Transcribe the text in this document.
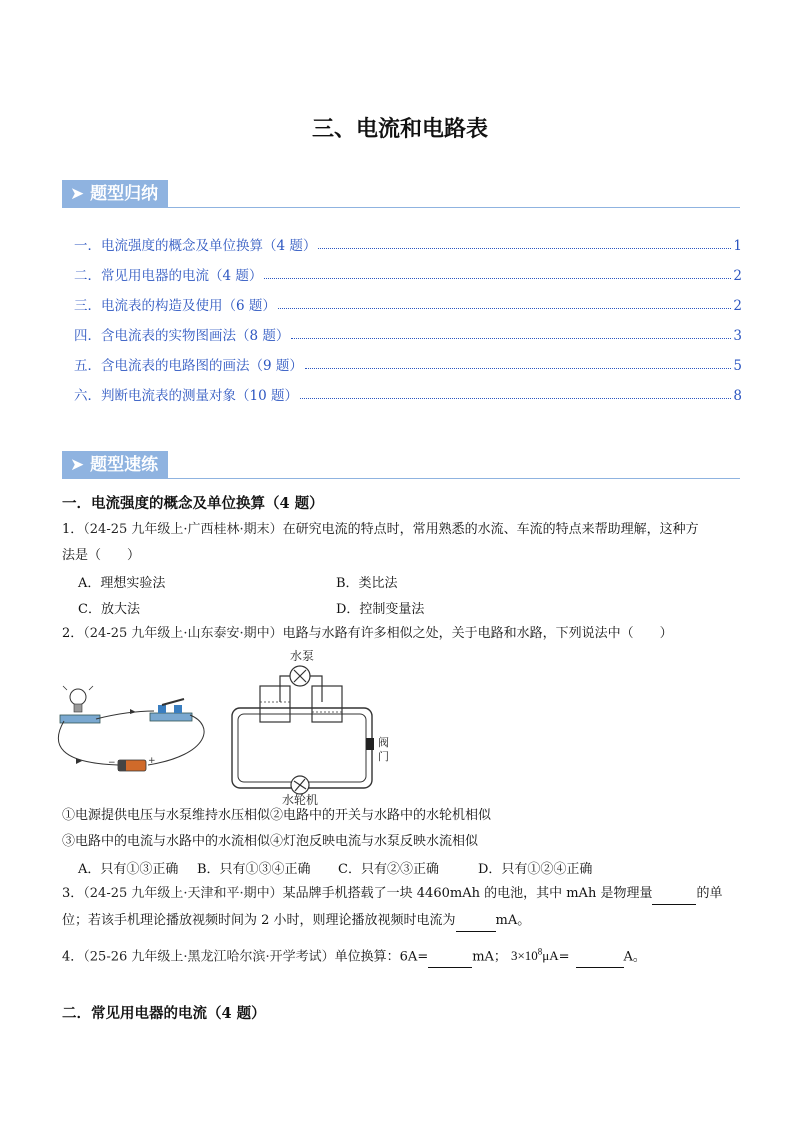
三、电流和电路表
➤ 题型归纳
一．电流强度的概念及单位换算（4 题）	1
二．常见用电器的电流（4 题）	2
三．电流表的构造及使用（6 题）	2
四．含电流表的实物图画法（8 题）	3
五．含电流表的电路图的画法（9 题）	5
六．判断电流表的测量对象（10 题）	8
➤ 题型速练
一．电流强度的概念及单位换算（4 题）
1．（24-25 九年级上·广西桂林·期末）在研究电流的特点时，常用熟悉的水流、车流的特点来帮助理解，这种方
法是（　　）
A．理想实验法	B．类比法
C．放大法	D．控制变量法
2．（24-25 九年级上·山东泰安·期中）电路与水路有许多相似之处，关于电路和水路，下列说法中（　　）
−	+
水泵
阀
门
水轮机
①电源提供电压与水泵维持水压相似②电路中的开关与水路中的水轮机相似
③电路中的电流与水路中的水流相似④灯泡反映电流与水泵反映水流相似
A．只有①③正确 B．只有①③④正确 C．只有②③正确	D．只有①②④正确
3．（24-25 九年级上·天津和平·期中）某品牌手机搭载了一块 4460mAh 的电池，其中 mAh 是物理量	的单
位；若该手机理论播放视频时间为 2 小时，则理论播放视频时电流为	mA。
4．（25-26 九年级上·黑龙江哈尔滨·开学考试）单位换算：6A=	mA； $3\times 10^8\mu A=$	A。
二．常见用电器的电流（4 题）
